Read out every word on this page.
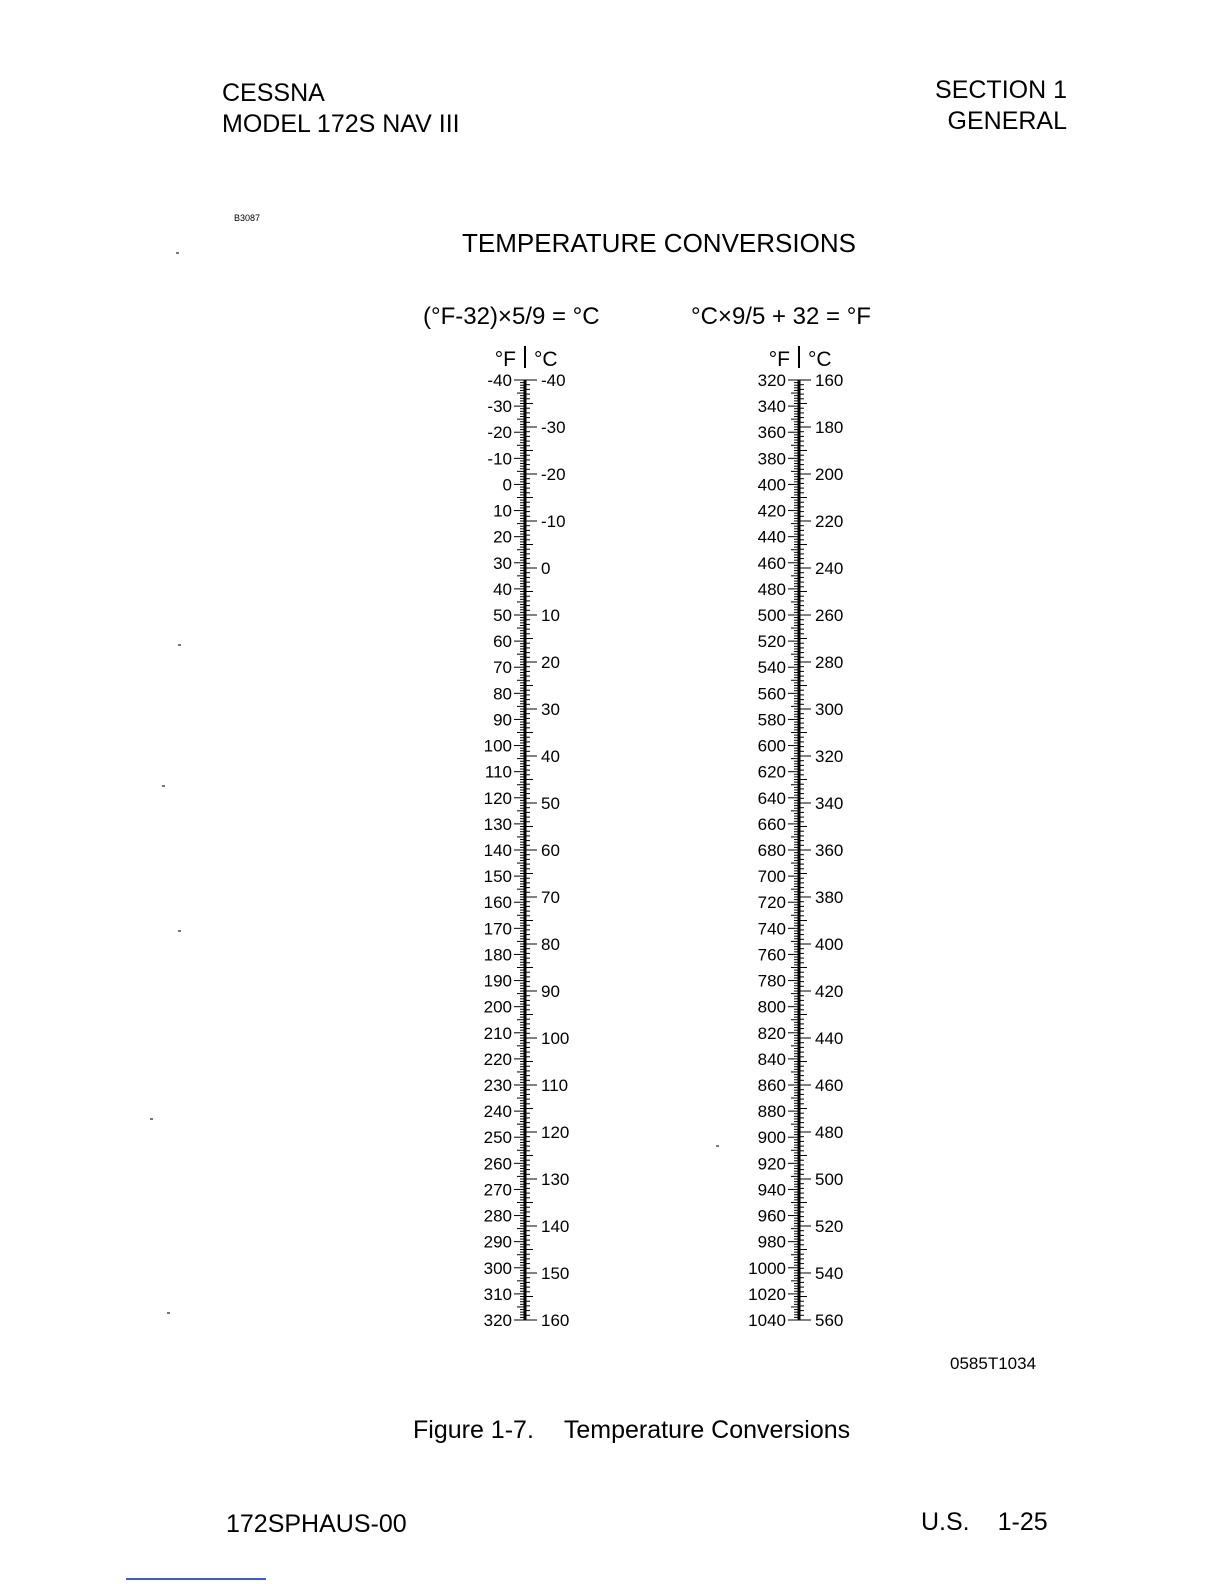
CESSNA
MODEL 172S NAV III
SECTION 1
GENERAL
B3087
TEMPERATURE CONVERSIONS
(°F-32)×5/9 = °C	°C×9/5 + 32 = °F
°F °C
-40
-30
-20
-10
0
10
20
30
40
50
60
70
80
90
100
110
120
130
140
150
160
170
180
190
200
210
220
230
240
250
260
270
280
290
300
310
320
-40
-30
-20
-10
0
10
20
30
40
50
60
70
80
90
100
110
120
130
140
150
160
°F °C
320
340
360
380
400
420
440
460
480
500
520
540
560
580
600
620
640
660
680
700
720
740
760
780
800
820
840
860
880
900
920
940
960
980
1000
1020
1040
160
180
200
220
240
260
280
300
320
340
360
380
400
420
440
460
480
500
520
540
560
0585T1034
Figure 1-7. Temperature Conversions
172SPHAUS-00	U.S. 1-25
